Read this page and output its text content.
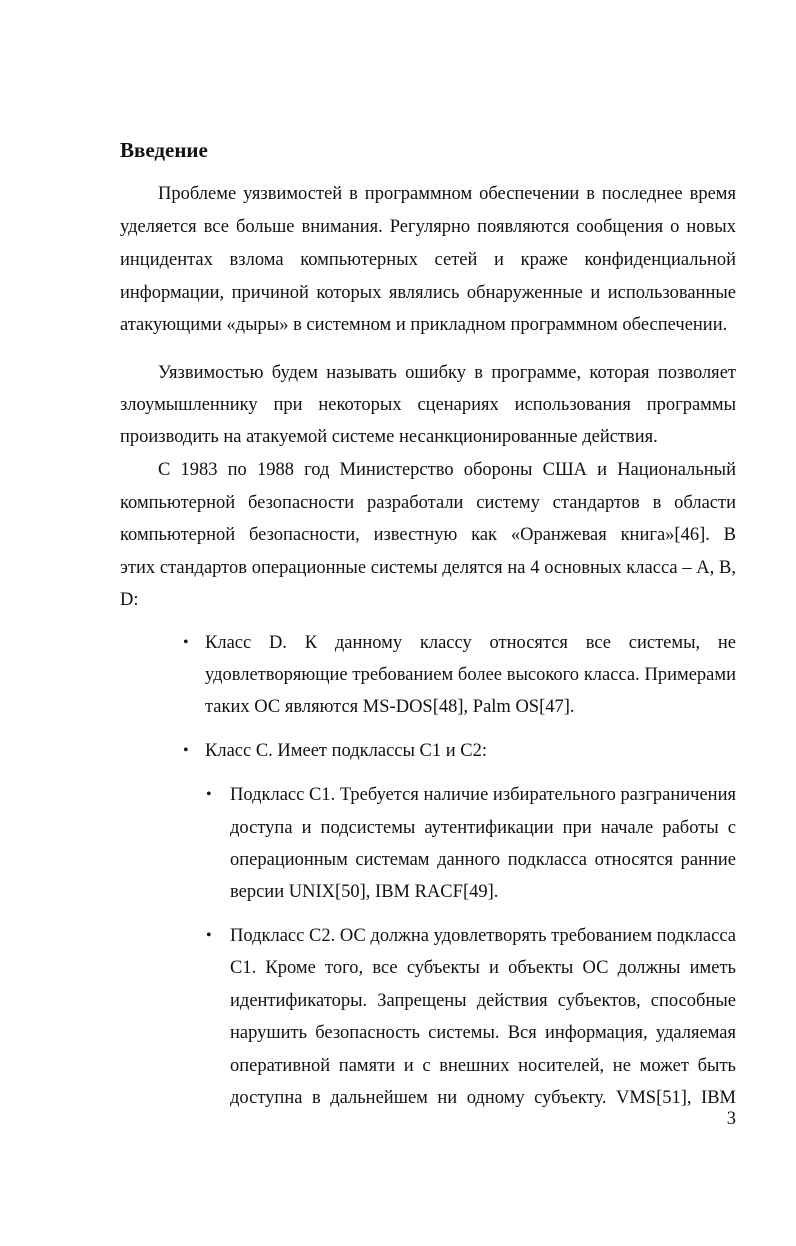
Введение
Проблеме уязвимостей в программном обеспечении в последнее время
уделяется все больше внимания. Регулярно появляются сообщения о новых
инцидентах взлома компьютерных сетей и краже конфиденциальной
информации, причиной которых являлись обнаруженные и использованные
атакующими «дыры» в системном и прикладном программном обеспечении.
Уязвимостью будем называть ошибку в программе, которая позволяет
злоумышленнику при некоторых сценариях использования программы
производить на атакуемой системе несанкционированные действия.
С 1983 по 1988 год Министерство обороны США и Национальный
компьютерной безопасности разработали систему стандартов в области
компьютерной безопасности, известную как «Оранжевая книга»[46]. В
этих стандартов операционные системы делятся на 4 основных класса – A, B,
D:
• Класс D. К данному классу относятся все системы, не
удовлетворяющие требованием более высокого класса. Примерами
таких ОС являются MS-DOS[48], Palm OS[47].
• Класс C. Имеет подклассы C1 и C2:
• Подкласс C1. Требуется наличие избирательного разграничения
доступа и подсистемы аутентификации при начале работы с
операционным системам данного подкласса относятся ранние
версии UNIX[50], IBM RACF[49].
• Подкласс C2. ОС должна удовлетворять требованием подкласса
C1. Кроме того, все субъекты и объекты ОС должны иметь
идентификаторы. Запрещены действия субъектов, способные
нарушить безопасность системы. Вся информация, удаляемая
оперативной памяти и с внешних носителей, не может быть
доступна в дальнейшем ни одному субъекту. VMS[51], IBM
3
